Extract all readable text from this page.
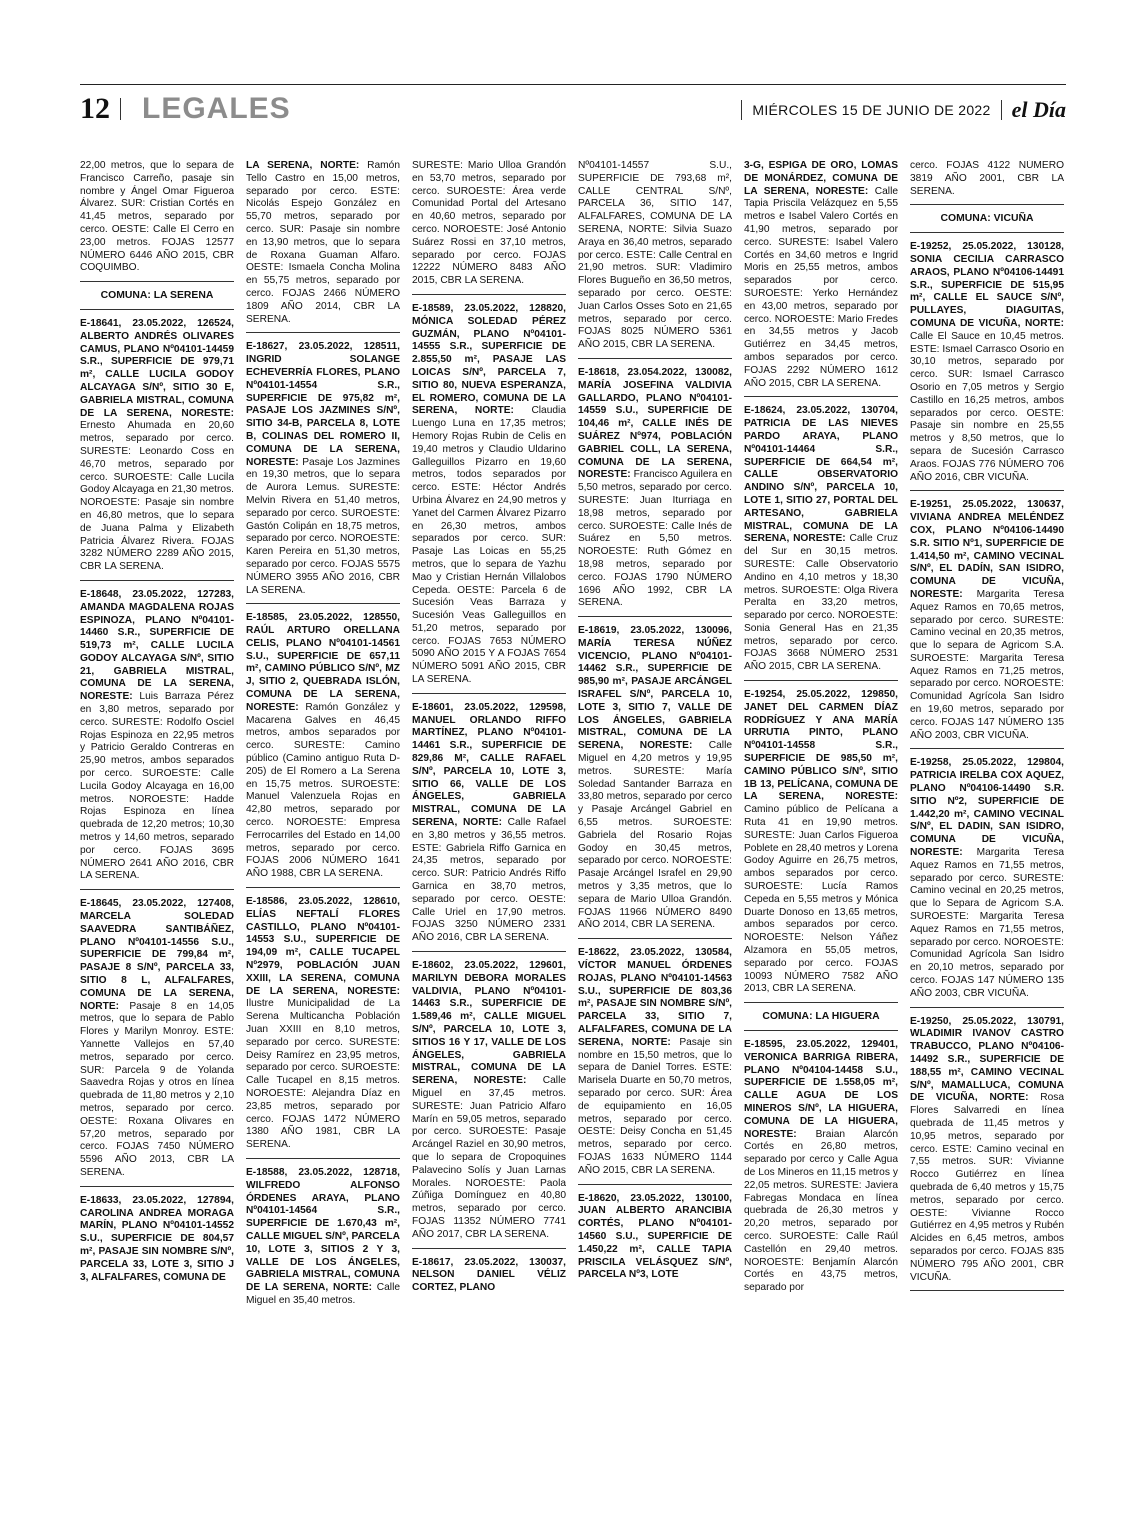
12 LEGALES	MIÉRCOLES 15 DE JUNIO DE 2022 el Día
22,00 metros, que lo separa de Francisco Carreño, pasaje sin nombre y Ángel Omar Figueroa Álvarez. SUR: Cristian Cortés en 41,45 metros, separado por cerco. OESTE: Calle El Cerro en 23,00 metros. FOJAS 12577 NÚMERO 6446 AÑO 2015, CBR COQUIMBO.
COMUNA: LA SERENA
E-18641, 23.05.2022, 126524, ALBERTO ANDRÉS OLIVARES CAMUS, PLANO Nº04101-14459 S.R., SUPERFICIE DE 979,71 m², CALLE LUCILA GODOY ALCAYAGA S/Nº, SITIO 30 E, GABRIELA MISTRAL, COMUNA DE LA SERENA, NORESTE: Ernesto Ahumada en 20,60 metros, separado por cerco. SURESTE: Leonardo Coss en 46,70 metros, separado por cerco. SUROESTE: Calle Lucila Godoy Alcayaga en 21,30 metros. NOROESTE: Pasaje sin nombre en 46,80 metros, que lo separa de Juana Palma y Elizabeth Patricia Álvarez Rivera. FOJAS 3282 NÚMERO 2289 AÑO 2015, CBR LA SERENA.
E-18648, 23.05.2022, 127283, AMANDA MAGDALENA ROJAS ESPINOZA, PLANO Nº04101-14460 S.R., SUPERFICIE DE 519,73 m², CALLE LUCILA GODOY ALCAYAGA S/Nº, SITIO 21, GABRIELA MISTRAL, COMUNA DE LA SERENA, NORESTE: Luis Barraza Pérez en 3,80 metros, separado por cerco. SURESTE: Rodolfo Osciel Rojas Espinoza en 22,95 metros y Patricio Geraldo Contreras en 25,90 metros, ambos separados por cerco. SUROESTE: Calle Lucila Godoy Alcayaga en 16,00 metros. NOROESTE: Hadde Rojas Espinoza en línea quebrada de 12,20 metros; 10,30 metros y 14,60 metros, separado por cerco. FOJAS 3695 NÚMERO 2641 AÑO 2016, CBR LA SERENA.
E-18645, 23.05.2022, 127408, MARCELA SOLEDAD SAAVEDRA SANTIBÁÑEZ, PLANO Nº04101-14556 S.U., SUPERFICIE DE 799,84 m², PASAJE 8 S/Nº, PARCELA 33, SITIO 8 L, ALFALFARES, COMUNA DE LA SERENA, NORTE: Pasaje 8 en 14,05 metros, que lo separa de Pablo Flores y Marilyn Monroy. ESTE: Yannette Vallejos en 57,40 metros, separado por cerco. SUR: Parcela 9 de Yolanda Saavedra Rojas y otros en línea quebrada de 11,80 metros y 2,10 metros, separado por cerco. OESTE: Roxana Olivares en 57,20 metros, separado por cerco. FOJAS 7450 NÚMERO 5596 AÑO 2013, CBR LA SERENA.
E-18633, 23.05.2022, 127894, CAROLINA ANDREA MORAGA MARÍN, PLANO Nº04101-14552 S.U., SUPERFICIE DE 804,57 m², PASAJE SIN NOMBRE S/Nº, PARCELA 33, LOTE 3, SITIO J 3, ALFALFARES, COMUNA DE
LA SERENA, NORTE: Ramón Tello Castro en 15,00 metros, separado por cerco. ESTE: Nicolás Espejo González en 55,70 metros, separado por cerco. SUR: Pasaje sin nombre en 13,90 metros, que lo separa de Roxana Guaman Alfaro. OESTE: Ismaela Concha Molina en 55,75 metros, separado por cerco. FOJAS 2466 NÚMERO 1809 AÑO 2014, CBR LA SERENA.
E-18627, 23.05.2022, 128511, INGRID SOLANGE ECHEVERRÍA FLORES, PLANO Nº04101-14554 S.R., SUPERFICIE DE 975,82 m², PASAJE LOS JAZMINES S/Nº, SITIO 34-B, PARCELA 8, LOTE B, COLINAS DEL ROMERO II, COMUNA DE LA SERENA, NORESTE: Pasaje Los Jazmines en 19,30 metros, que lo separa de Aurora Lemus. SURESTE: Melvin Rivera en 51,40 metros, separado por cerco. SUROESTE: Gastón Colipán en 18,75 metros, separado por cerco. NOROESTE: Karen Pereira en 51,30 metros, separado por cerco. FOJAS 5575 NÚMERO 3955 AÑO 2016, CBR LA SERENA.
E-18585, 23.05.2022, 128550, RAÚL ARTURO ORELLANA CELIS, PLANO Nº04101-14561 S.U., SUPERFICIE DE 657,11 m², CAMINO PÚBLICO S/Nº, MZ J, SITIO 2, QUEBRADA ISLÓN, COMUNA DE LA SERENA, NORESTE: Ramón González y Macarena Galves en 46,45 metros, ambos separados por cerco. SURESTE: Camino público (Camino antiguo Ruta D-205) de El Romero a La Serena en 15,75 metros. SUROESTE: Manuel Valenzuela Rojas en 42,80 metros, separado por cerco. NOROESTE: Empresa Ferrocarriles del Estado en 14,00 metros, separado por cerco. FOJAS 2006 NÚMERO 1641 AÑO 1988, CBR LA SERENA.
E-18586, 23.05.2022, 128610, ELÍAS NEFTALÍ FLORES CASTILLO, PLANO Nº04101-14553 S.U., SUPERFICIE DE 194,09 m², CALLE TUCAPEL Nº2979, POBLACIÓN JUAN XXIII, LA SERENA, COMUNA DE LA SERENA, NORESTE: Ilustre Municipalidad de La Serena Multicancha Población Juan XXIII en 8,10 metros, separado por cerco. SURESTE: Deisy Ramírez en 23,95 metros, separado por cerco. SUROESTE: Calle Tucapel en 8,15 metros. NOROESTE: Alejandra Díaz en 23,85 metros, separado por cerco. FOJAS 1472 NÚMERO 1380 AÑO 1981, CBR LA SERENA.
E-18588, 23.05.2022, 128718, WILFREDO ALFONSO ÓRDENES ARAYA, PLANO Nº04101-14564 S.R., SUPERFICIE DE 1.670,43 m², CALLE MIGUEL S/Nº, PARCELA 10, LOTE 3, SITIOS 2 Y 3, VALLE DE LOS ÁNGELES, GABRIELA MISTRAL, COMUNA DE LA SERENA, NORTE: Calle Miguel en 35,40 metros.
SURESTE: Mario Ulloa Grandón en 53,70 metros, separado por cerco. SUROESTE: Área verde Comunidad Portal del Artesano en 40,60 metros, separado por cerco. NOROESTE: José Antonio Suárez Rossi en 37,10 metros, separado por cerco. FOJAS 12222 NÚMERO 8483 AÑO 2015, CBR LA SERENA.
E-18589, 23.05.2022, 128820, MÓNICA SOLEDAD PÉREZ GUZMÁN, PLANO Nº04101-14555 S.R., SUPERFICIE DE 2.855,50 m², PASAJE LAS LOICAS S/Nº, PARCELA 7, SITIO 80, NUEVA ESPERANZA, EL ROMERO, COMUNA DE LA SERENA, NORTE: Claudia Luengo Luna en 17,35 metros; Hemory Rojas Rubin de Celis en 19,40 metros y Claudio Uldarino Galleguillos Pizarro en 19,60 metros, todos separados por cerco. ESTE: Héctor Andrés Urbina Álvarez en 24,90 metros y Yanet del Carmen Álvarez Pizarro en 26,30 metros, ambos separados por cerco. SUR: Pasaje Las Loicas en 55,25 metros, que lo separa de Yazhu Mao y Cristian Hernán Villalobos Cepeda. OESTE: Parcela 6 de Sucesión Veas Barraza y Sucesión Veas Galleguillos en 51,20 metros, separado por cerco. FOJAS 7653 NÚMERO 5090 AÑO 2015 Y A FOJAS 7654 NÚMERO 5091 AÑO 2015, CBR LA SERENA.
E-18601, 23.05.2022, 129598, MANUEL ORLANDO RIFFO MARTÍNEZ, PLANO Nº04101-14461 S.R., SUPERFICIE DE 829,86 M², CALLE RAFAEL S/Nº, PARCELA 10, LOTE 3, SITIO 66, VALLE DE LOS ÁNGELES, GABRIELA MISTRAL, COMUNA DE LA SERENA, NORTE: Calle Rafael en 3,80 metros y 36,55 metros. ESTE: Gabriela Riffo Garnica en 24,35 metros, separado por cerco. SUR: Patricio Andrés Riffo Garnica en 38,70 metros, separado por cerco. OESTE: Calle Uriel en 17,90 metros. FOJAS 3250 NÚMERO 2331 AÑO 2016, CBR LA SERENA.
E-18602, 23.05.2022, 129601, MARILYN DEBORA MORALES VALDIVIA, PLANO Nº04101-14463 S.R., SUPERFICIE DE 1.589,46 m², CALLE MIGUEL S/Nº, PARCELA 10, LOTE 3, SITIOS 16 Y 17, VALLE DE LOS ÁNGELES, GABRIELA MISTRAL, COMUNA DE LA SERENA, NORESTE: Calle Miguel en 37,45 metros. SURESTE: Juan Patricio Alfaro Marín en 59,05 metros, separado por cerco. SUROESTE: Pasaje Arcángel Raziel en 30,90 metros, que lo separa de Cropoquines Palavecino Solís y Juan Larnas Morales. NOROESTE: Paola Zúñiga Domínguez en 40,80 metros, separado por cerco. FOJAS 11352 NÚMERO 7741 AÑO 2017, CBR LA SERENA.
E-18617, 23.05.2022, 130037, NELSON DANIEL VÉLIZ CORTEZ, PLANO
Nº04101-14557 S.U., SUPERFICIE DE 793,68 m², CALLE CENTRAL S/Nº, PARCELA 36, SITIO 147, ALFALFARES, COMUNA DE LA SERENA, NORTE: Silvia Suazo Araya en 36,40 metros, separado por cerco. ESTE: Calle Central en 21,90 metros. SUR: Vladimiro Flores Bugueño en 36,50 metros, separado por cerco. OESTE: Juan Carlos Osses Soto en 21,65 metros, separado por cerco. FOJAS 8025 NÚMERO 5361 AÑO 2015, CBR LA SERENA.
E-18618, 23.054.2022, 130082, MARÍA JOSEFINA VALDIVIA GALLARDO, PLANO Nº04101-14559 S.U., SUPERFICIE DE 104,46 m², CALLE INÉS DE SUÁREZ Nº974, POBLACIÓN GABRIEL COLL, LA SERENA, COMUNA DE LA SERENA, NORESTE: Francisco Aguilera en 5,50 metros, separado por cerco. SURESTE: Juan Iturriaga en 18,98 metros, separado por cerco. SUROESTE: Calle Inés de Suárez en 5,50 metros. NOROESTE: Ruth Gómez en 18,98 metros, separado por cerco. FOJAS 1790 NÚMERO 1696 AÑO 1992, CBR LA SERENA.
E-18619, 23.05.2022, 130096, MARÍA TERESA NÚÑEZ VICENCIO, PLANO Nº04101-14462 S.R., SUPERFICIE DE 985,90 m², PASAJE ARCÁNGEL ISRAFEL S/Nº, PARCELA 10, LOTE 3, SITIO 7, VALLE DE LOS ÁNGELES, GABRIELA MISTRAL, COMUNA DE LA SERENA, NORESTE: Calle Miguel en 4,20 metros y 19,95 metros. SURESTE: María Soledad Santander Barraza en 33,80 metros, separado por cerco y Pasaje Arcángel Gabriel en 6,55 metros. SUROESTE: Gabriela del Rosario Rojas Godoy en 30,45 metros, separado por cerco. NOROESTE: Pasaje Arcángel Israfel en 29,90 metros y 3,35 metros, que lo separa de Mario Ulloa Grandón. FOJAS 11966 NÚMERO 8490 AÑO 2014, CBR LA SERENA.
E-18622, 23.05.2022, 130584, VÍCTOR MANUEL ÓRDENES ROJAS, PLANO Nº04101-14563 S.U., SUPERFICIE DE 803,36 m², PASAJE SIN NOMBRE S/Nº, PARCELA 33, SITIO 7, ALFALFARES, COMUNA DE LA SERENA, NORTE: Pasaje sin nombre en 15,50 metros, que lo separa de Daniel Torres. ESTE: Marisela Duarte en 50,70 metros, separado por cerco. SUR: Área de equipamiento en 16,05 metros, separado por cerco. OESTE: Deisy Concha en 51,45 metros, separado por cerco. FOJAS 1633 NÚMERO 1144 AÑO 2015, CBR LA SERENA.
E-18620, 23.05.2022, 130100, JUAN ALBERTO ARANCIBIA CORTÉS, PLANO Nº04101-14560 S.U., SUPERFICIE DE 1.450,22 m², CALLE TAPIA PRISCILA VELÁSQUEZ S/Nº, PARCELA Nº3, LOTE
3-G, ESPIGA DE ORO, LOMAS DE MONÁRDEZ, COMUNA DE LA SERENA, NORESTE: Calle Tapia Priscila Velázquez en 5,55 metros e Isabel Valero Cortés en 41,90 metros, separado por cerco. SURESTE: Isabel Valero Cortés en 34,60 metros e Ingrid Moris en 25,55 metros, ambos separados por cerco. SUROESTE: Yerko Hernández en 43,00 metros, separado por cerco. NOROESTE: Mario Fredes en 34,55 metros y Jacob Gutiérrez en 34,45 metros, ambos separados por cerco. FOJAS 2292 NÚMERO 1612 AÑO 2015, CBR LA SERENA.
E-18624, 23.05.2022, 130704, PATRICIA DE LAS NIEVES PARDO ARAYA, PLANO Nº04101-14464 S.R., SUPERFICIE DE 664,54 m², CALLE OBSERVATORIO ANDINO S/Nº, PARCELA 10, LOTE 1, SITIO 27, PORTAL DEL ARTESANO, GABRIELA MISTRAL, COMUNA DE LA SERENA, NORESTE: Calle Cruz del Sur en 30,15 metros. SURESTE: Calle Observatorio Andino en 4,10 metros y 18,30 metros. SUROESTE: Olga Rivera Peralta en 33,20 metros, separado por cerco. NOROESTE: Sonia General Has en 21,35 metros, separado por cerco. FOJAS 3668 NÚMERO 2531 AÑO 2015, CBR LA SERENA.
E-19254, 25.05.2022, 129850, JANET DEL CARMEN DÍAZ RODRÍGUEZ Y ANA MARÍA URRUTIA PINTO, PLANO Nº04101-14558 S.R., SUPERFICIE DE 985,50 m², CAMINO PÚBLICO S/Nº, SITIO 1B 13, PELÍCANA, COMUNA DE LA SERENA, NORESTE: Camino público de Pelícana a Ruta 41 en 19,90 metros. SURESTE: Juan Carlos Figueroa Poblete en 28,40 metros y Lorena Godoy Aguirre en 26,75 metros, ambos separados por cerco. SUROESTE: Lucía Ramos Cepeda en 5,55 metros y Mónica Duarte Donoso en 13,65 metros, ambos separados por cerco. NOROESTE: Nelson Yáñez Alzamora en 55,05 metros, separado por cerco. FOJAS 10093 NÚMERO 7582 AÑO 2013, CBR LA SERENA.
COMUNA: LA HIGUERA
E-18595, 23.05.2022, 129401, VERONICA BARRIGA RIBERA, PLANO Nº04104-14458 S.U., SUPERFICIE DE 1.558,05 m², CALLE AGUA DE LOS MINEROS S/Nº, LA HIGUERA, COMUNA DE LA HIGUERA, NORESTE: Braian Alarcón Cortés en 26,80 metros, separado por cerco y Calle Agua de Los Mineros en 11,15 metros y 22,05 metros. SURESTE: Javiera Fabregas Mondaca en línea quebrada de 26,30 metros y 20,20 metros, separado por cerco. SUROESTE: Calle Raúl Castellón en 29,40 metros. NOROESTE: Benjamín Alarcón Cortés en 43,75 metros, separado por
cerco. FOJAS 4122 NÚMERO 3819 AÑO 2001, CBR LA SERENA.
COMUNA: VICUÑA
E-19252, 25.05.2022, 130128, SONIA CECILIA CARRASCO ARAOS, PLANO Nº04106-14491 S.R., SUPERFICIE DE 515,95 m², CALLE EL SAUCE S/Nº, PULLAYES, DIAGUITAS, COMUNA DE VICUÑA, NORTE: Calle El Sauce en 10,45 metros. ESTE: Ismael Carrasco Osorio en 30,10 metros, separado por cerco. SUR: Ismael Carrasco Osorio en 7,05 metros y Sergio Castillo en 16,25 metros, ambos separados por cerco. OESTE: Pasaje sin nombre en 25,55 metros y 8,50 metros, que lo separa de Sucesión Carrasco Araos. FOJAS 776 NÚMERO 706 AÑO 2016, CBR VICUÑA.
E-19251, 25.05.2022, 130637, VIVIANA ANDREA MELÉNDEZ COX, PLANO Nº04106-14490 S.R. SITIO Nº1, SUPERFICIE DE 1.414,50 m², CAMINO VECINAL S/Nº, EL DADÍN, SAN ISIDRO, COMUNA DE VICUÑA, NORESTE: Margarita Teresa Aquez Ramos en 70,65 metros, separado por cerco. SURESTE: Camino vecinal en 20,35 metros, que lo separa de Agricom S.A. SUROESTE: Margarita Teresa Aquez Ramos en 71,25 metros, separado por cerco. NOROESTE: Comunidad Agrícola San Isidro en 19,60 metros, separado por cerco. FOJAS 147 NÚMERO 135 AÑO 2003, CBR VICUÑA.
E-19258, 25.05.2022, 129804, PATRICIA IRELBA COX AQUEZ, PLANO Nº04106-14490 S.R. SITIO Nº2, SUPERFICIE DE 1.442,20 m², CAMINO VECINAL S/Nº, EL DADIN, SAN ISIDRO, COMUNA DE VICUÑA, NORESTE: Margarita Teresa Aquez Ramos en 71,55 metros, separado por cerco. SURESTE: Camino vecinal en 20,25 metros, que lo Separa de Agricom S.A. SUROESTE: Margarita Teresa Aquez Ramos en 71,55 metros, separado por cerco. NOROESTE: Comunidad Agrícola San Isidro en 20,10 metros, separado por cerco. FOJAS 147 NÚMERO 135 AÑO 2003, CBR VICUÑA.
E-19250, 25.05.2022, 130791, WLADIMIR IVANOV CASTRO TRABUCCO, PLANO Nº04106-14492 S.R., SUPERFICIE DE 188,55 m², CAMINO VECINAL S/Nº, MAMALLUCA, COMUNA DE VICUÑA, NORTE: Rosa Flores Salvarredi en línea quebrada de 11,45 metros y 10,95 metros, separado por cerco. ESTE: Camino vecinal en 7,55 metros. SUR: Vivianne Rocco Gutiérrez en línea quebrada de 6,40 metros y 15,75 metros, separado por cerco. OESTE: Vivianne Rocco Gutiérrez en 4,95 metros y Rubén Alcides en 6,45 metros, ambos separados por cerco. FOJAS 835 NÚMERO 795 AÑO 2001, CBR VICUÑA.
